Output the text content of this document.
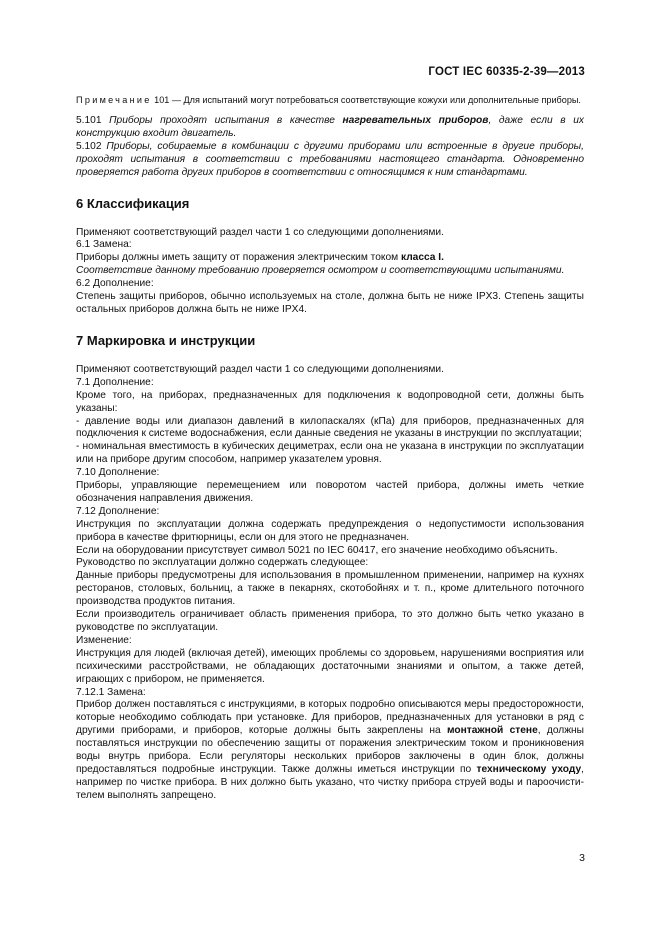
ГОСТ IEC 60335-2-39—2013

Примечание 101 — Для испытаний могут потребоваться соответствующие кожухи или дополнительные приборы.

5.101 Приборы проходят испытания в качестве нагревательных приборов, даже если в их конструкцию входит двигатель.

5.102 Приборы, собираемые в комбинации с другими приборами или встроенные в другие приборы, проходят испытания в соответствии с требованиями настоящего стандарта. Одновременно проверяется работа других приборов в соответствии с относящимся к ним стандартами.

6 Классификация

Применяют соответствующий раздел части 1 со следующими дополнениями.

6.1 Замена:

Приборы должны иметь защиту от поражения электрическим током класса I.

Соответствие данному требованию проверяется осмотром и соответствующими испытаниями.

6.2 Дополнение:

Степень защиты приборов, обычно используемых на столе, должна быть не ниже IPX3. Степень защиты остальных приборов должна быть не ниже IPX4.

7 Маркировка и инструкции

Применяют соответствующий раздел части 1 со следующими дополнениями.

7.1 Дополнение:

Кроме того, на приборах, предназначенных для подключения к водопроводной сети, должны быть указаны:

- давление воды или диапазон давлений в килопаскалях (кПа) для приборов, предназначенных для подключения к системе водоснабжения, если данные сведения не указаны в инструкции по эксплуатации;

- номинальная вместимость в кубических дециметрах, если она не указана в инструкции по эксплуатации или на приборе другим способом, например указателем уровня.

7.10 Дополнение:

Приборы, управляющие перемещением или поворотом частей прибора, должны иметь четкие обозначения направления движения.

7.12 Дополнение:

Инструкция по эксплуатации должна содержать предупреждения о недопустимости использования прибора в качестве фритюрницы, если он для этого не предназначен.

Если на оборудовании присутствует символ 5021 по IEC 60417, его значение необходимо объяснить.

Руководство по эксплуатации должно содержать следующее:

Данные приборы предусмотрены для использования в промышленном применении, например на кухнях ресторанов, столовых, больниц, а также в пекарнях, скотобойнях и т. п., кроме длительного поточного производства продуктов питания.

Если производитель ограничивает область применения прибора, то это должно быть четко указано в руководстве по эксплуатации.

Изменение:

Инструкция для людей (включая детей), имеющих проблемы со здоровьем, нарушениями восприятия или психическими расстройствами, не обладающих достаточными знаниями и опытом, а также детей, играющих с прибором, не применяется.

7.12.1 Замена:

Прибор должен поставляться с инструкциями, в которых подробно описываются меры предосторожности, которые необходимо соблюдать при установке. Для приборов, предназначенных для установки в ряд с другими приборами, и приборов, которые должны быть закреплены на монтажной стене, должны поставляться инструкции по обеспечению защиты от поражения электрическим током и проникновения воды внутрь прибора. Если регуляторы нескольких приборов заключены в один блок, должны предоставляться подробные инструкции. Также должны иметься инструкции по техническому уходу, например по чистке прибора. В них должно быть указано, что чистку прибора струей воды и пароочистителем выполнять запрещено.

3
